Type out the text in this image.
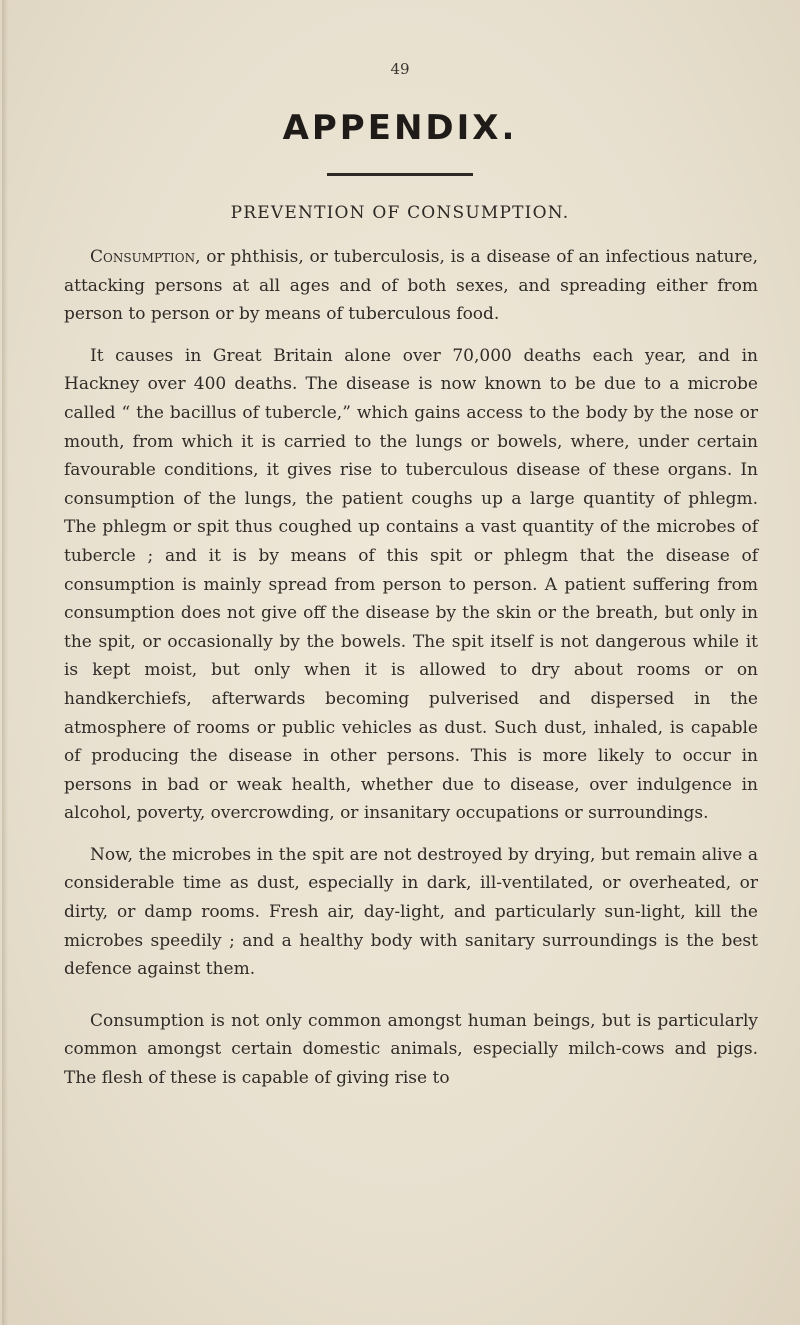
49
APPENDIX.
PREVENTION OF CONSUMPTION.

Consumption, or phthisis, or tuberculosis, is a disease of an infectious nature, attacking persons at all ages and of both sexes, and spreading either from person to person or by means of tuberculous food.

It causes in Great Britain alone over 70,000 deaths each year, and in Hackney over 400 deaths. The disease is now known to be due to a microbe called “ the bacillus of tubercle,” which gains access to the body by the nose or mouth, from which it is carried to the lungs or bowels, where, under certain favourable conditions, it gives rise to tuberculous disease of these organs. In consumption of the lungs, the patient coughs up a large quantity of phlegm. The phlegm or spit thus coughed up contains a vast quantity of the microbes of tubercle ; and it is by means of this spit or phlegm that the disease of consumption is mainly spread from person to person. A patient suffering from consumption does not give off the disease by the skin or the breath, but only in the spit, or occasionally by the bowels. The spit itself is not dangerous while it is kept moist, but only when it is allowed to dry about rooms or on handkerchiefs, afterwards becoming pulverised and dispersed in the atmosphere of rooms or public vehicles as dust. Such dust, inhaled, is capable of producing the disease in other persons. This is more likely to occur in persons in bad or weak health, whether due to disease, over indulgence in alcohol, poverty, overcrowding, or insanitary occupations or surroundings.

Now, the microbes in the spit are not destroyed by drying, but remain alive a considerable time as dust, especially in dark, ill-ventilated, or overheated, or dirty, or damp rooms. Fresh air, day-light, and particularly sun-light, kill the microbes speedily ; and a healthy body with sanitary surroundings is the best defence against them.

Consumption is not only common amongst human beings, but is particularly common amongst certain domestic animals, especially milch-cows and pigs. The flesh of these is capable of giving rise to
